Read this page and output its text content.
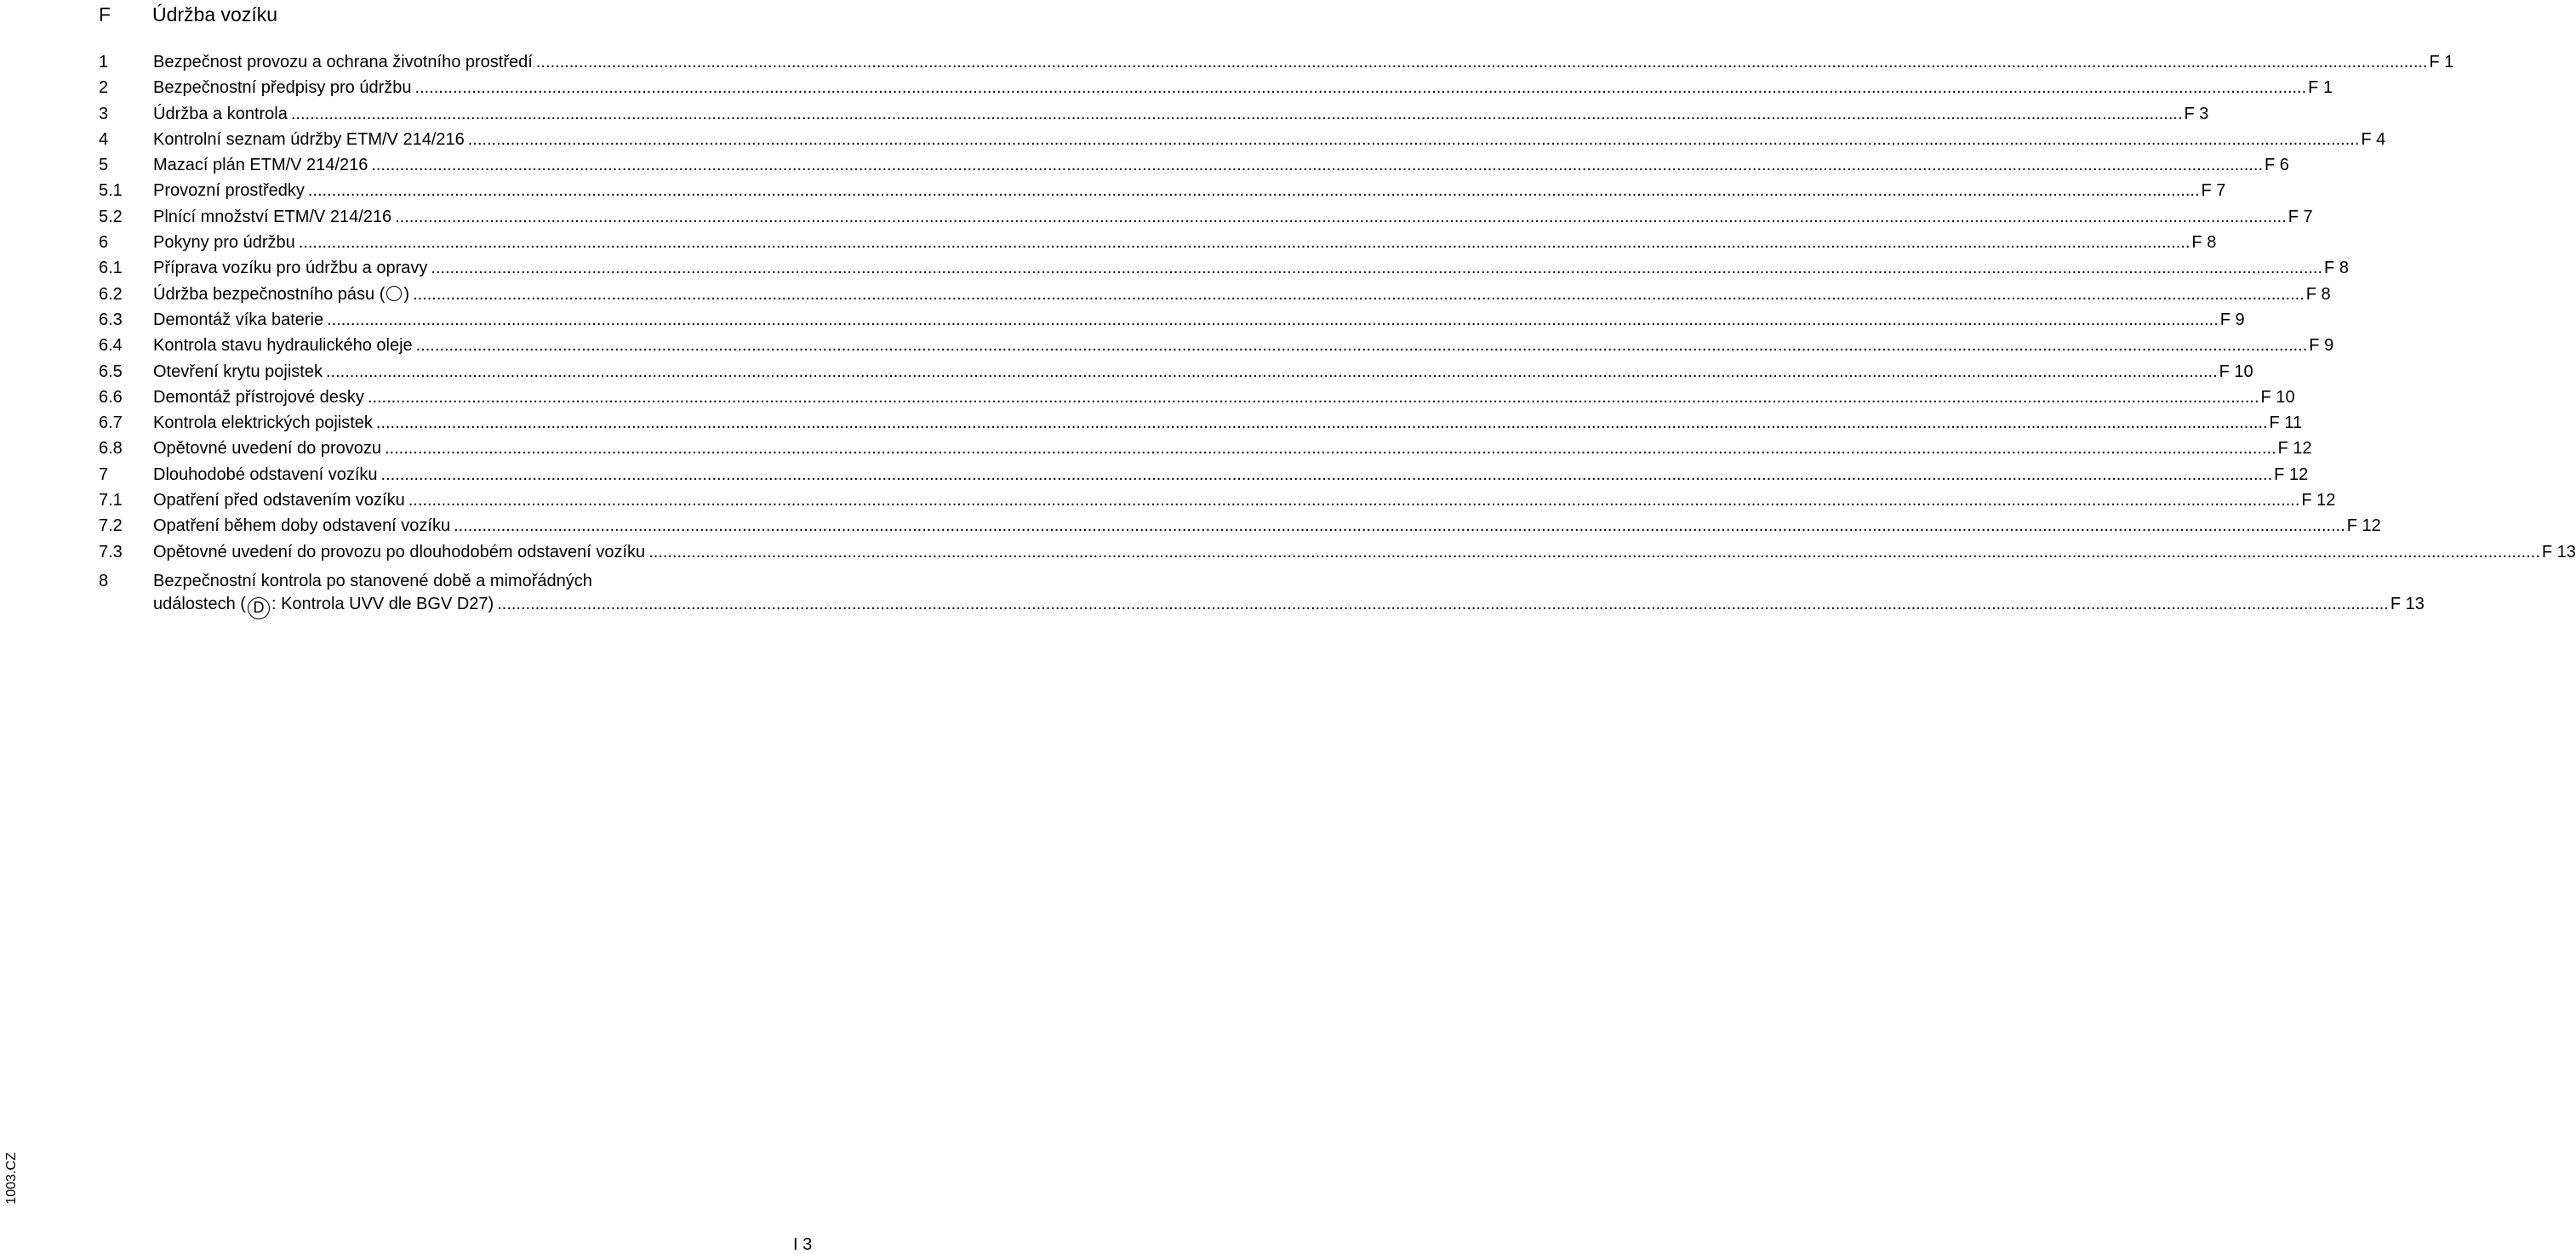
F Údržba vozíku
1	Bezpečnost provozu a ochrana životního prostředí ................................................................................................................................................................................................................................................................................................................................................................................................................ F 1
2	Bezpečnostní předpisy pro údržbu ................................................................................................................................................................................................................................................................................................................................................................................................................ F 1
3	Údržba a kontrola ................................................................................................................................................................................................................................................................................................................................................................................................................ F 3
4	Kontrolní seznam údržby ETM/V 214/216 ................................................................................................................................................................................................................................................................................................................................................................................................................ F 4
5	Mazací plán ETM/V 214/216 ................................................................................................................................................................................................................................................................................................................................................................................................................ F 6
5.1 Provozní prostředky ................................................................................................................................................................................................................................................................................................................................................................................................................ F 7
5.2 Plnící množství ETM/V 214/216 ................................................................................................................................................................................................................................................................................................................................................................................................................ F 7
6	Pokyny pro údržbu ................................................................................................................................................................................................................................................................................................................................................................................................................ F 8
6.1 Příprava vozíku pro údržbu a opravy ................................................................................................................................................................................................................................................................................................................................................................................................................ F 8
6.2 Údržba bezpečnostního pásu ( ) ................................................................................................................................................................................................................................................................................................................................................................................................................ F 8
6.3 Demontáž víka baterie ................................................................................................................................................................................................................................................................................................................................................................................................................ F 9
6.4 Kontrola stavu hydraulického oleje ................................................................................................................................................................................................................................................................................................................................................................................................................ F 9
6.5 Otevření krytu pojistek ................................................................................................................................................................................................................................................................................................................................................................................................................ F 10
6.6 Demontáž přístrojové desky ................................................................................................................................................................................................................................................................................................................................................................................................................ F 10
6.7 Kontrola elektrických pojistek ................................................................................................................................................................................................................................................................................................................................................................................................................ F 11
6.8 Opětovné uvedení do provozu ................................................................................................................................................................................................................................................................................................................................................................................................................ F 12
7	Dlouhodobé odstavení vozíku ................................................................................................................................................................................................................................................................................................................................................................................................................ F 12
7.1 Opatření před odstavením vozíku ................................................................................................................................................................................................................................................................................................................................................................................................................ F 12
7.2 Opatření během doby odstavení vozíku ................................................................................................................................................................................................................................................................................................................................................................................................................ F 12
7.3 Opětovné uvedení do provozu po dlouhodobém odstavení vozíku ................................................................................................................................................................................................................................................................................................................................................................................................................ F 13
8	Bezpečnostní kontrola po stanovené době a mimořádných
událostech ( D : Kontrola UVV dle BGV D27) ................................................................................................................................................................................................................................................................................................................................................................................................................ F 13
1003.CZ
I 3
